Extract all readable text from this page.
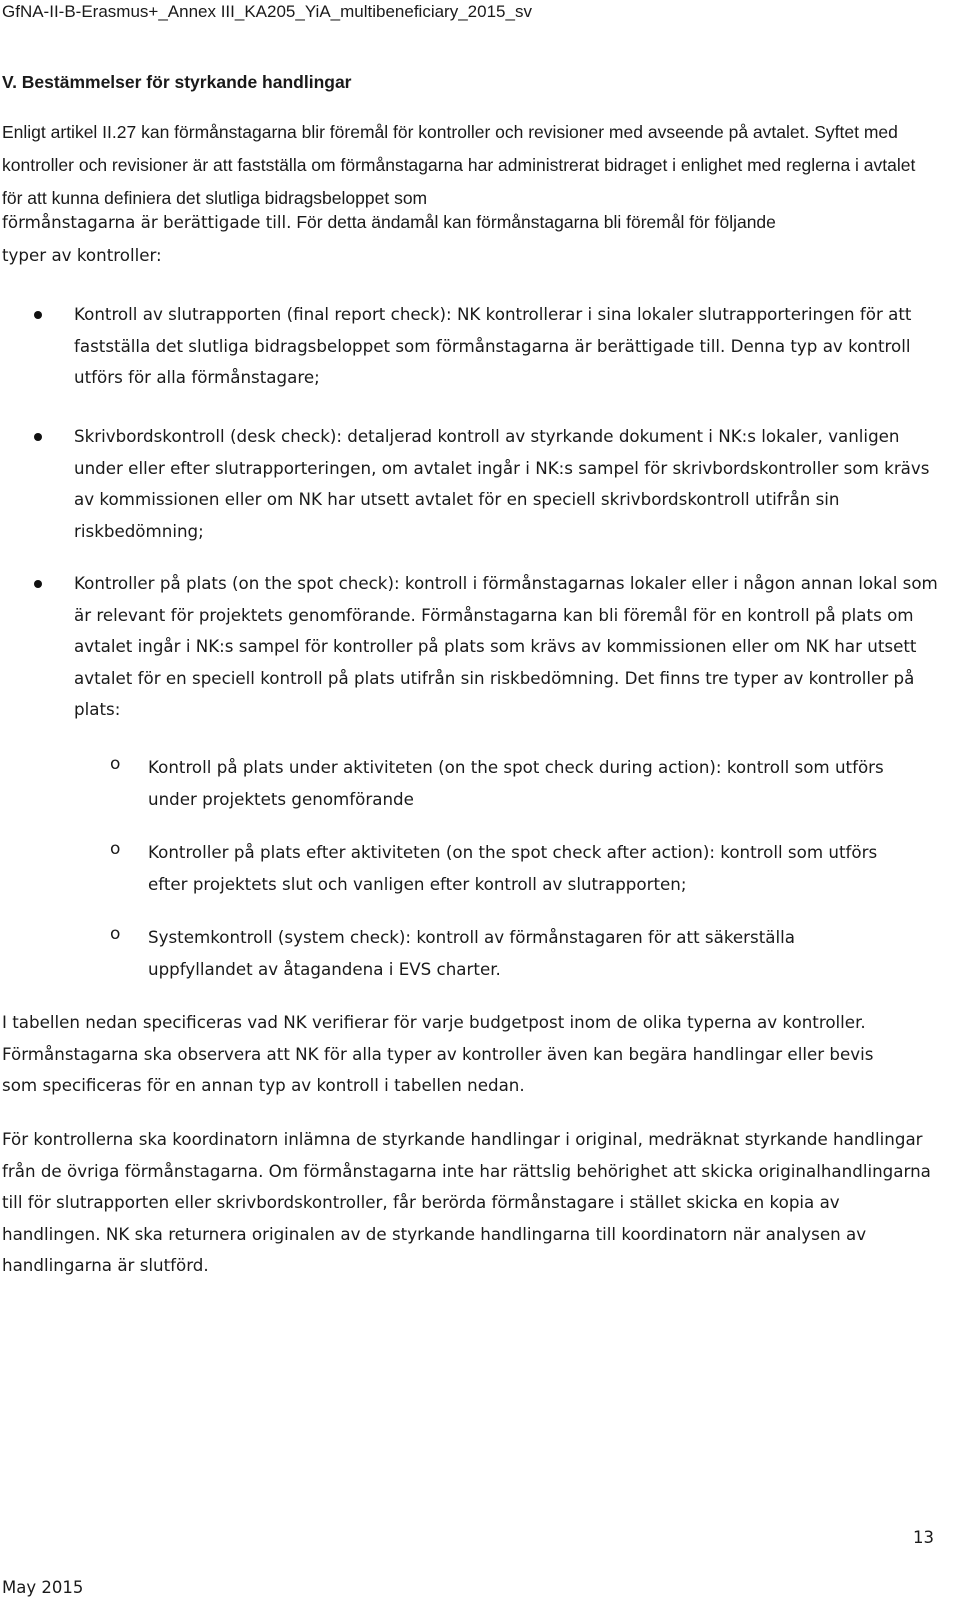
GfNA-II-B-Erasmus+_Annex III_KA205_YiA_multibeneficiary_2015_sv
V. Bestämmelser för styrkande handlingar

Enligt artikel II.27 kan förmånstagarna blir föremål för kontroller och revisioner med avseende på avtalet. Syftet med kontroller och revisioner är att fastställa om förmånstagarna har administrerat bidraget i enlighet med reglerna i avtalet för att kunna definiera det slutliga bidragsbeloppet som

förmånstagarna är berättigade till. För detta ändamål kan förmånstagarna bli föremål för följande
typer av kontroller:

Kontroll av slutrapporten (final report check): NK kontrollerar i sina lokaler slutrapporteringen för att fastställa det slutliga bidragsbeloppet som förmånstagarna är berättigade till. Denna typ av kontroll utförs för alla förmånstagare;

Skrivbordskontroll (desk check): detaljerad kontroll av styrkande dokument i NK:s lokaler, vanligen under eller efter slutrapporteringen, om avtalet ingår i NK:s sampel för skrivbordskontroller som krävs av kommissionen eller om NK har utsett avtalet för en speciell skrivbordskontroll utifrån sin riskbedömning;

Kontroller på plats (on the spot check): kontroll i förmånstagarnas lokaler eller i någon annan lokal som är relevant för projektets genomförande. Förmånstagarna kan bli föremål för en kontroll på plats om avtalet ingår i NK:s sampel för kontroller på plats som krävs av kommissionen eller om NK har utsett avtalet för en speciell kontroll på plats utifrån sin riskbedömning. Det finns tre typer av kontroller på plats:

o Kontroll på plats under aktiviteten (on the spot check during action): kontroll som utförs under projektets genomförande

o Kontroller på plats efter aktiviteten (on the spot check after action): kontroll som utförs efter projektets slut och vanligen efter kontroll av slutrapporten;

o Systemkontroll (system check): kontroll av förmånstagaren för att säkerställa uppfyllandet av åtagandena i EVS charter.

I tabellen nedan specificeras vad NK verifierar för varje budgetpost inom de olika typerna av kontroller. Förmånstagarna ska observera att NK för alla typer av kontroller även kan begära handlingar eller bevis som specificeras för en annan typ av kontroll i tabellen nedan.

För kontrollerna ska koordinatorn inlämna de styrkande handlingar i original, medräknat styrkande handlingar från de övriga förmånstagarna. Om förmånstagarna inte har rättslig behörighet att skicka originalhandlingarna till för slutrapporten eller skrivbordskontroller, får berörda förmånstagare i stället skicka en kopia av handlingen. NK ska returnera originalen av de styrkande handlingarna till koordinatorn när analysen av handlingarna är slutförd.

13
May 2015
